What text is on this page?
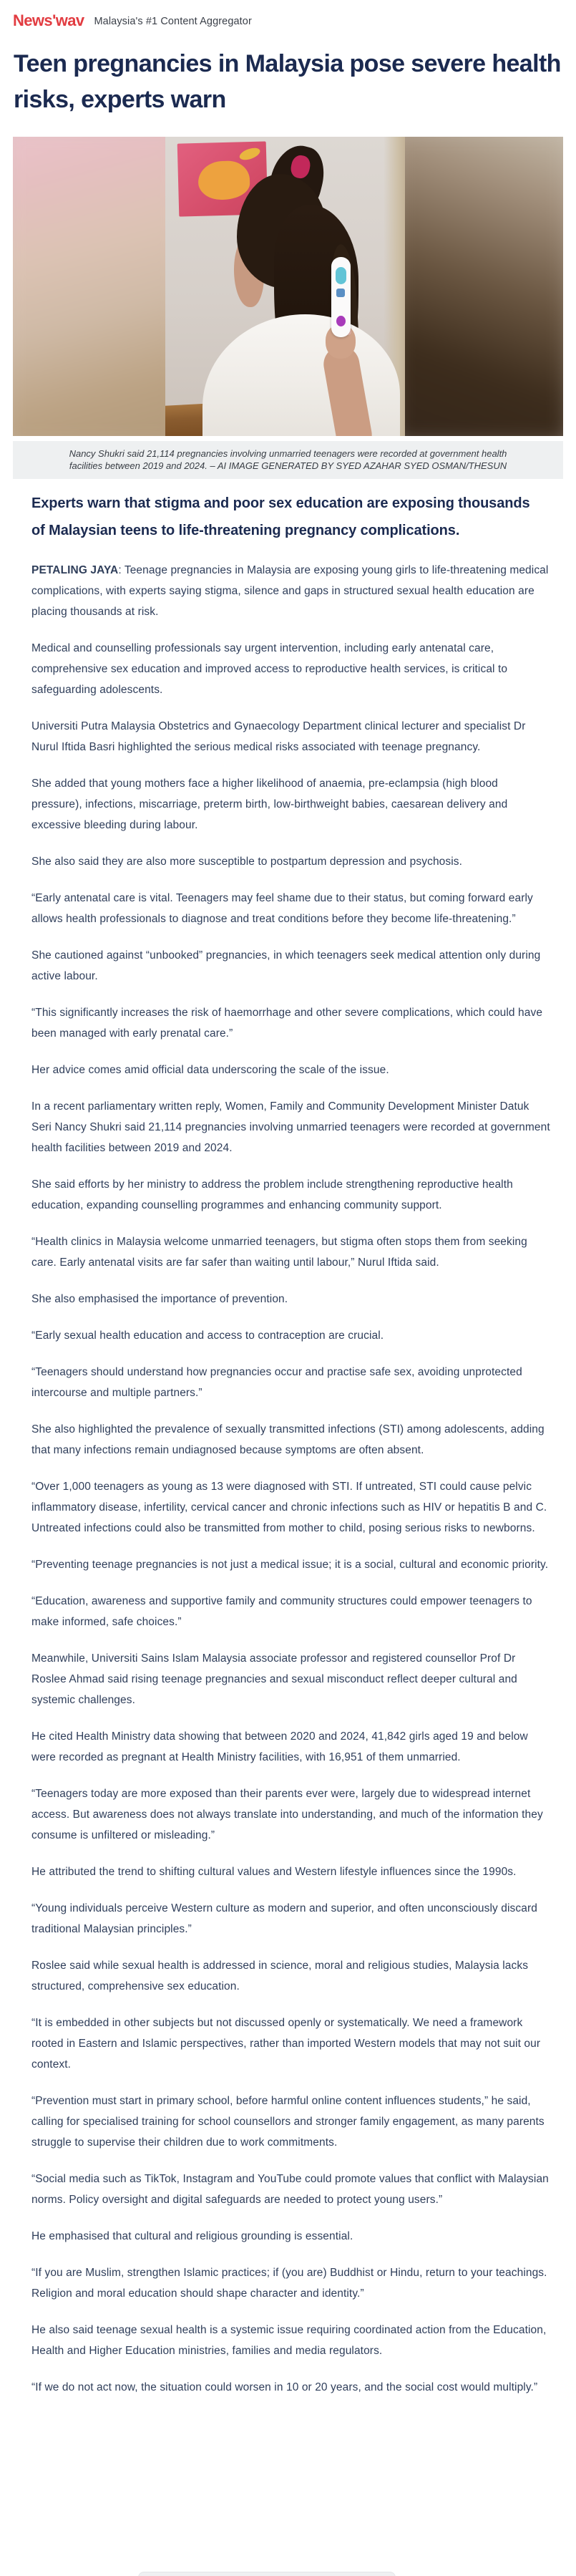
News'wav Malaysia's #1 Content Aggregator
Teen pregnancies in Malaysia pose severe health risks, experts warn
Nancy Shukri said 21,114 pregnancies involving unmarried teenagers were recorded at government health facilities between 2019 and 2024. – AI IMAGE GENERATED BY SYED AZAHAR SYED OSMAN/THESUN

Experts warn that stigma and poor sex education are exposing thousands of Malaysian teens to life-threatening pregnancy complications.

PETALING JAYA: Teenage pregnancies in Malaysia are exposing young girls to life-threatening medical complications, with experts saying stigma, silence and gaps in structured sexual health education are placing thousands at risk.

Medical and counselling professionals say urgent intervention, including early antenatal care, comprehensive sex education and improved access to reproductive health services, is critical to safeguarding adolescents.

Universiti Putra Malaysia Obstetrics and Gynaecology Department clinical lecturer and specialist Dr Nurul Iftida Basri highlighted the serious medical risks associated with teenage pregnancy.

She added that young mothers face a higher likelihood of anaemia, pre-eclampsia (high blood pressure), infections, miscarriage, preterm birth, low-birthweight babies, caesarean delivery and excessive bleeding during labour.

She also said they are also more susceptible to postpartum depression and psychosis.

“Early antenatal care is vital. Teenagers may feel shame due to their status, but coming forward early allows health professionals to diagnose and treat conditions before they become life-threatening.”

She cautioned against “unbooked” pregnancies, in which teenagers seek medical attention only during active labour.

“This significantly increases the risk of haemorrhage and other severe complications, which could have been managed with early prenatal care.”

Her advice comes amid official data underscoring the scale of the issue.

In a recent parliamentary written reply, Women, Family and Community Development Minister Datuk Seri Nancy Shukri said 21,114 pregnancies involving unmarried teenagers were recorded at government health facilities between 2019 and 2024.

She said efforts by her ministry to address the problem include strengthening reproductive health education, expanding counselling programmes and enhancing community support.

“Health clinics in Malaysia welcome unmarried teenagers, but stigma often stops them from seeking care. Early antenatal visits are far safer than waiting until labour,” Nurul Iftida said.

She also emphasised the importance of prevention.

“Early sexual health education and access to contraception are crucial.

“Teenagers should understand how pregnancies occur and practise safe sex, avoiding unprotected intercourse and multiple partners.”

She also highlighted the prevalence of sexually transmitted infections (STI) among adolescents, adding that many infections remain undiagnosed because symptoms are often absent.

“Over 1,000 teenagers as young as 13 were diagnosed with STI. If untreated, STI could cause pelvic inflammatory disease, infertility, cervical cancer and chronic infections such as HIV or hepatitis B and C. Untreated infections could also be transmitted from mother to child, posing serious risks to newborns.

“Preventing teenage pregnancies is not just a medical issue; it is a social, cultural and economic priority.

“Education, awareness and supportive family and community structures could empower teenagers to make informed, safe choices.”

Meanwhile, Universiti Sains Islam Malaysia associate professor and registered counsellor Prof Dr Roslee Ahmad said rising teenage pregnancies and sexual misconduct reflect deeper cultural and systemic challenges.

He cited Health Ministry data showing that between 2020 and 2024, 41,842 girls aged 19 and below were recorded as pregnant at Health Ministry facilities, with 16,951 of them unmarried.

“Teenagers today are more exposed than their parents ever were, largely due to widespread internet access. But awareness does not always translate into understanding, and much of the information they consume is unfiltered or misleading.”

He attributed the trend to shifting cultural values and Western lifestyle influences since the 1990s.

“Young individuals perceive Western culture as modern and superior, and often unconsciously discard traditional Malaysian principles.”

Roslee said while sexual health is addressed in science, moral and religious studies, Malaysia lacks structured, comprehensive sex education.

“It is embedded in other subjects but not discussed openly or systematically. We need a framework rooted in Eastern and Islamic perspectives, rather than imported Western models that may not suit our context.

“Prevention must start in primary school, before harmful online content influences students,” he said, calling for specialised training for school counsellors and stronger family engagement, as many parents struggle to supervise their children due to work commitments.

“Social media such as TikTok, Instagram and YouTube could promote values that conflict with Malaysian norms. Policy oversight and digital safeguards are needed to protect young users.”

He emphasised that cultural and religious grounding is essential.

“If you are Muslim, strengthen Islamic practices; if (you are) Buddhist or Hindu, return to your teachings. Religion and moral education should shape character and identity.”

He also said teenage sexual health is a systemic issue requiring coordinated action from the Education, Health and Higher Education ministries, families and media regulators.

“If we do not act now, the situation could worsen in 10 or 20 years, and the social cost would multiply.”
